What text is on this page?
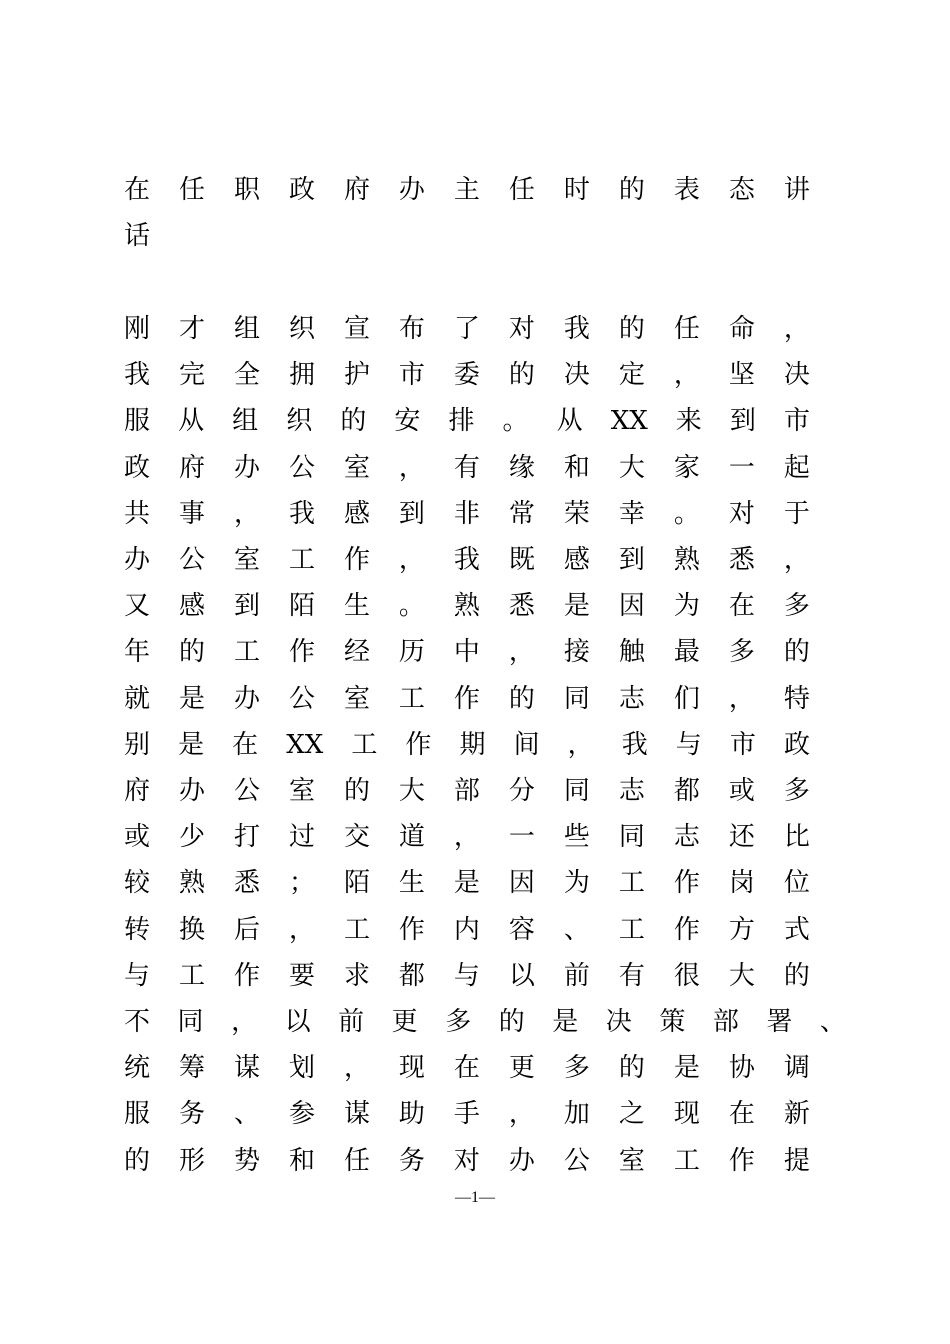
在 任 职 政 府 办 主 任 时 的 表 态 讲
话
刚 才 组 织 宣 布 了 对 我 的 任 命 ，
我 完 全 拥 护 市 委 的 决 定 ， 坚 决
服 从 组 织 的 安 排 。 从 XX 来 到 市
政 府 办 公 室 ， 有 缘 和 大 家 一 起
共 事 ， 我 感 到 非 常 荣 幸 。 对 于
办 公 室 工 作 ， 我 既 感 到 熟 悉 ，
又 感 到 陌 生 。 熟 悉 是 因 为 在 多
年 的 工 作 经 历 中 ， 接 触 最 多 的
就 是 办 公 室 工 作 的 同 志 们 ， 特
别 是 在 XX 工 作 期 间 ， 我 与 市 政
府 办 公 室 的 大 部 分 同 志 都 或 多
或 少 打 过 交 道 ， 一 些 同 志 还 比
较 熟 悉 ； 陌 生 是 因 为 工 作 岗 位
转 换 后 ， 工 作 内 容 、 工 作 方 式
与 工 作 要 求 都 与 以 前 有 很 大 的
不 同 ， 以 前 更 多 的 是 决 策 部 署 、
统 筹 谋 划 ， 现 在 更 多 的 是 协 调
服 务 、 参 谋 助 手 ， 加 之 现 在 新
的 形 势 和 任 务 对 办 公 室 工 作 提
—1—
